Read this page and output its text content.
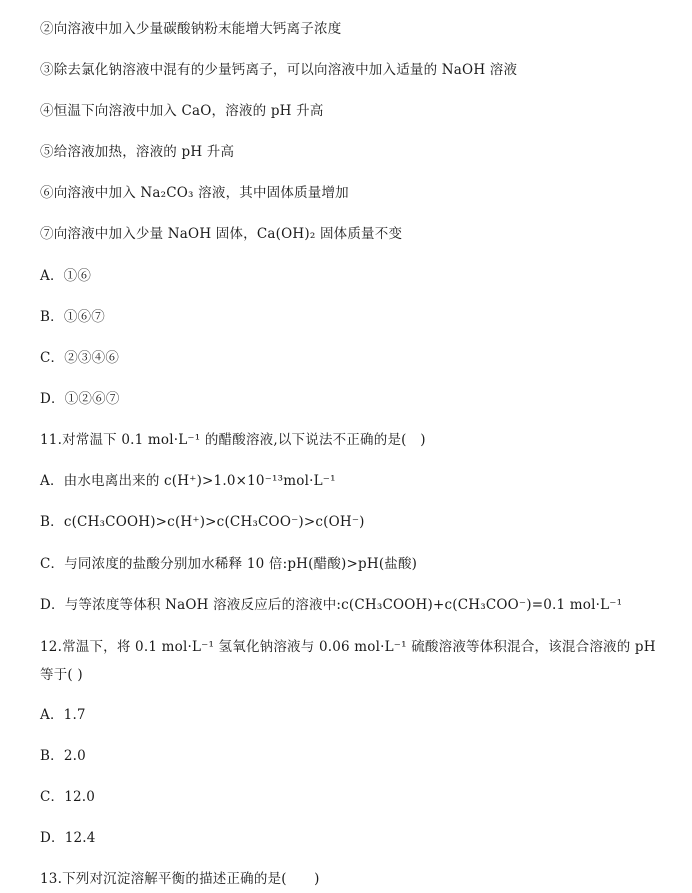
②向溶液中加入少量碳酸钠粉末能增大钙离子浓度
③除去氯化钠溶液中混有的少量钙离子，可以向溶液中加入适量的 NaOH 溶液
④恒温下向溶液中加入 CaO，溶液的 pH 升高
⑤给溶液加热，溶液的 pH 升高
⑥向溶液中加入 Na₂CO₃ 溶液，其中固体质量增加
⑦向溶液中加入少量 NaOH 固体，Ca(OH)₂ 固体质量不变
A．①⑥
B．①⑥⑦
C．②③④⑥
D．①②⑥⑦
11.对常温下 0.1 mol·L⁻¹ 的醋酸溶液,以下说法不正确的是(　)
A．由水电离出来的 c(H⁺)>1.0×10⁻¹³mol·L⁻¹
B．c(CH₃COOH)>c(H⁺)>c(CH₃COO⁻)>c(OH⁻)
C．与同浓度的盐酸分别加水稀释 10 倍:pH(醋酸)>pH(盐酸)
D．与等浓度等体积 NaOH 溶液反应后的溶液中:c(CH₃COOH)+c(CH₃COO⁻)=0.1 mol·L⁻¹
12.常温下，将 0.1 mol·L⁻¹ 氢氧化钠溶液与 0.06 mol·L⁻¹ 硫酸溶液等体积混合，该混合溶液的 pH 等于( )
A．1.7
B．2.0
C．12.0
D．12.4
13.下列对沉淀溶解平衡的描述正确的是(　　)
